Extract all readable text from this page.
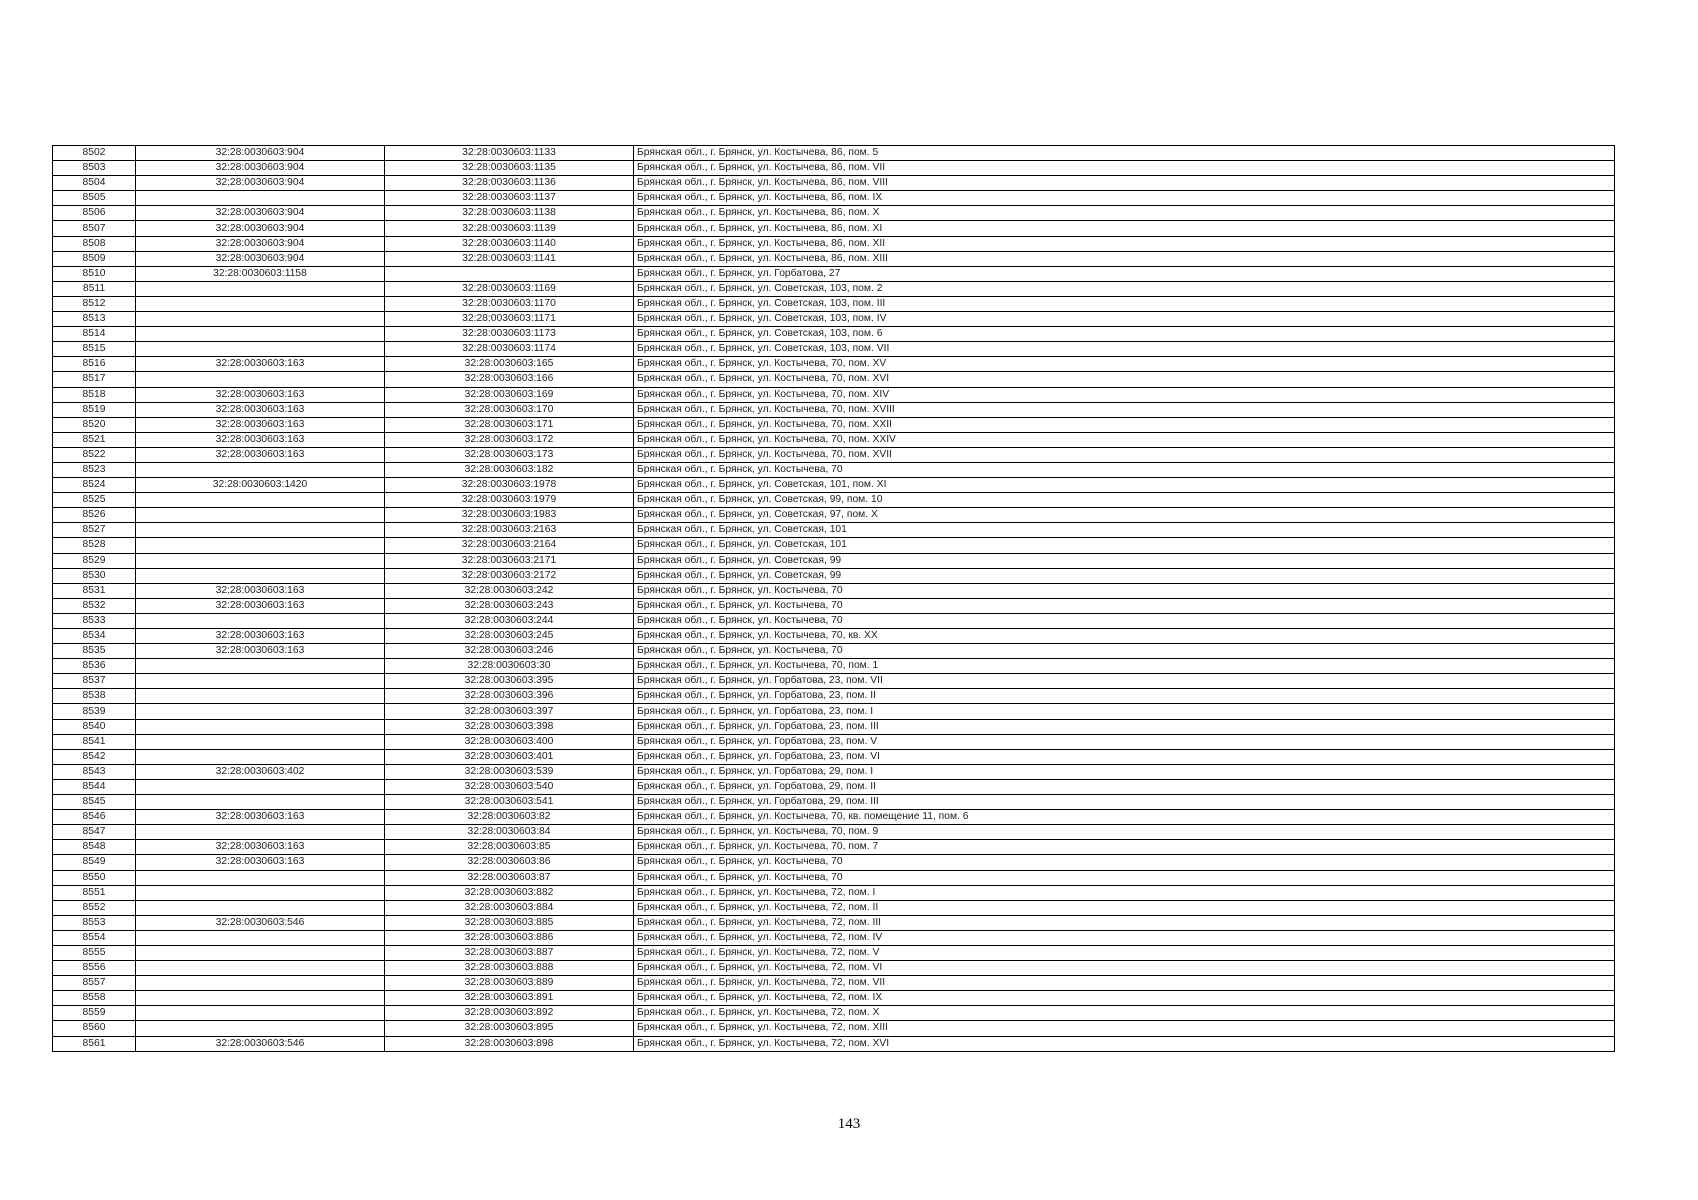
8502	32:28:0030603:904	32:28:0030603:1133	Брянская обл., г. Брянск, ул. Костычева, 86, пом. 5
8503	32:28:0030603:904	32:28:0030603:1135	Брянская обл., г. Брянск, ул. Костычева, 86, пом. VII
8504	32:28:0030603:904	32:28:0030603:1136	Брянская обл., г. Брянск, ул. Костычева, 86, пом. VIII
8505		32:28:0030603:1137	Брянская обл., г. Брянск, ул. Костычева, 86, пом. IX
8506	32:28:0030603:904	32:28:0030603:1138	Брянская обл., г. Брянск, ул. Костычева, 86, пом. X
8507	32:28:0030603:904	32:28:0030603:1139	Брянская обл., г. Брянск, ул. Костычева, 86, пом. XI
8508	32:28:0030603:904	32:28:0030603:1140	Брянская обл., г. Брянск, ул. Костычева, 86, пом. XII
8509	32:28:0030603:904	32:28:0030603:1141	Брянская обл., г. Брянск, ул. Костычева, 86, пом. XIII
8510	32:28:0030603:1158		Брянская обл., г. Брянск, ул. Горбатова, 27
8511		32:28:0030603:1169	Брянская обл., г. Брянск, ул. Советская, 103, пом. 2
8512		32:28:0030603:1170	Брянская обл., г. Брянск, ул. Советская, 103, пом. III
8513		32:28:0030603:1171	Брянская обл., г. Брянск, ул. Советская, 103, пом. IV
8514		32:28:0030603:1173	Брянская обл., г. Брянск, ул. Советская, 103, пом. 6
8515		32:28:0030603:1174	Брянская обл., г. Брянск, ул. Советская, 103, пом. VII
8516	32:28:0030603:163	32:28:0030603:165	Брянская обл., г. Брянск, ул. Костычева, 70, пом. XV
8517		32:28:0030603:166	Брянская обл., г. Брянск, ул. Костычева, 70, пом. XVI
8518	32:28:0030603:163	32:28:0030603:169	Брянская обл., г. Брянск, ул. Костычева, 70, пом. XIV
8519	32:28:0030603:163	32:28:0030603:170	Брянская обл., г. Брянск, ул. Костычева, 70, пом. XVIII
8520	32:28:0030603:163	32:28:0030603:171	Брянская обл., г. Брянск, ул. Костычева, 70, пом. XXII
8521	32:28:0030603:163	32:28:0030603:172	Брянская обл., г. Брянск, ул. Костычева, 70, пом. XXIV
8522	32:28:0030603:163	32:28:0030603:173	Брянская обл., г. Брянск, ул. Костычева, 70, пом. XVII
8523		32:28:0030603:182	Брянская обл., г. Брянск, ул. Костычева, 70
8524	32:28:0030603:1420	32:28:0030603:1978	Брянская обл., г. Брянск, ул. Советская, 101, пом. XI
8525		32:28:0030603:1979	Брянская обл., г. Брянск, ул. Советская, 99, пом. 10
8526		32:28:0030603:1983	Брянская обл., г. Брянск, ул. Советская, 97, пом. X
8527		32:28:0030603:2163	Брянская обл., г. Брянск, ул. Советская, 101
8528		32:28:0030603:2164	Брянская обл., г. Брянск, ул. Советская, 101
8529		32:28:0030603:2171	Брянская обл., г. Брянск, ул. Советская, 99
8530		32:28:0030603:2172	Брянская обл., г. Брянск, ул. Советская, 99
8531	32:28:0030603:163	32:28:0030603:242	Брянская обл., г. Брянск, ул. Костычева, 70
8532	32:28:0030603:163	32:28:0030603:243	Брянская обл., г. Брянск, ул. Костычева, 70
8533		32:28:0030603:244	Брянская обл., г. Брянск, ул. Костычева, 70
8534	32:28:0030603:163	32:28:0030603:245	Брянская обл., г. Брянск, ул. Костычева, 70, кв. XX
8535	32:28:0030603:163	32:28:0030603:246	Брянская обл., г. Брянск, ул. Костычева, 70
8536		32:28:0030603:30	Брянская обл., г. Брянск, ул. Костычева, 70, пом. 1
8537		32:28:0030603:395	Брянская обл., г. Брянск, ул. Горбатова, 23, пом. VII
8538		32:28:0030603:396	Брянская обл., г. Брянск, ул. Горбатова, 23, пом. II
8539		32:28:0030603:397	Брянская обл., г. Брянск, ул. Горбатова, 23, пом. I
8540		32:28:0030603:398	Брянская обл., г. Брянск, ул. Горбатова, 23, пом. III
8541		32:28:0030603:400	Брянская обл., г. Брянск, ул. Горбатова, 23, пом. V
8542		32:28:0030603:401	Брянская обл., г. Брянск, ул. Горбатова, 23, пом. VI
8543	32:28:0030603:402	32:28:0030603:539	Брянская обл., г. Брянск, ул. Горбатова, 29, пом. I
8544		32:28:0030603:540	Брянская обл., г. Брянск, ул. Горбатова, 29, пом. II
8545		32:28:0030603:541	Брянская обл., г. Брянск, ул. Горбатова, 29, пом. III
8546	32:28:0030603:163	32:28:0030603:82	Брянская обл., г. Брянск, ул. Костычева, 70, кв. помещение 11, пом. 6
8547		32:28:0030603:84	Брянская обл., г. Брянск, ул. Костычева, 70, пом. 9
8548	32:28:0030603:163	32:28:0030603:85	Брянская обл., г. Брянск, ул. Костычева, 70, пом. 7
8549	32:28:0030603:163	32:28:0030603:86	Брянская обл., г. Брянск, ул. Костычева, 70
8550		32:28:0030603:87	Брянская обл., г. Брянск, ул. Костычева, 70
8551		32:28:0030603:882	Брянская обл., г. Брянск, ул. Костычева, 72, пом. I
8552		32:28:0030603:884	Брянская обл., г. Брянск, ул. Костычева, 72, пом. II
8553	32:28:0030603:546	32:28:0030603:885	Брянская обл., г. Брянск, ул. Костычева, 72, пом. III
8554		32:28:0030603:886	Брянская обл., г. Брянск, ул. Костычева, 72, пом. IV
8555		32:28:0030603:887	Брянская обл., г. Брянск, ул. Костычева, 72, пом. V
8556		32:28:0030603:888	Брянская обл., г. Брянск, ул. Костычева, 72, пом. VI
8557		32:28:0030603:889	Брянская обл., г. Брянск, ул. Костычева, 72, пом. VII
8558		32:28:0030603:891	Брянская обл., г. Брянск, ул. Костычева, 72, пом. IX
8559		32:28:0030603:892	Брянская обл., г. Брянск, ул. Костычева, 72, пом. X
8560		32:28:0030603:895	Брянская обл., г. Брянск, ул. Костычева, 72, пом. XIII
8561	32:28:0030603:546	32:28:0030603:898	Брянская обл., г. Брянск, ул. Костычева, 72, пом. XVI
143
